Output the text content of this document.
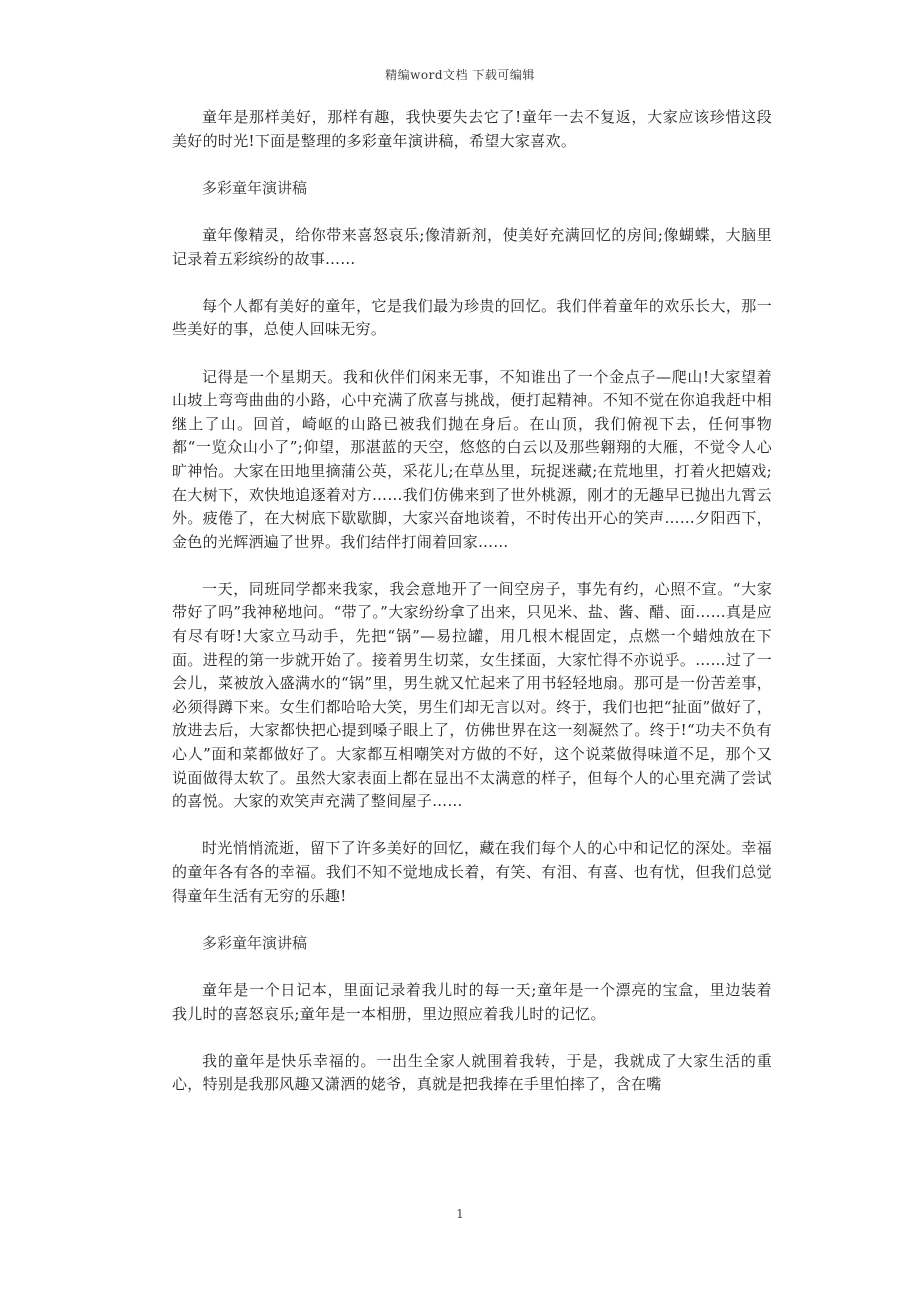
精编word文档 下载可编辑

童年是那样美好，那样有趣，我快要失去它了!童年一去不复返，大家应该珍惜这段美好的时光!下面是整理的多彩童年演讲稿，希望大家喜欢。

多彩童年演讲稿

童年像精灵，给你带来喜怒哀乐;像清新剂，使美好充满回忆的房间;像蝴蝶，大脑里记录着五彩缤纷的故事……

每个人都有美好的童年，它是我们最为珍贵的回忆。我们伴着童年的欢乐长大，那一些美好的事，总使人回味无穷。

记得是一个星期天。我和伙伴们闲来无事，不知谁出了一个金点子—爬山!大家望着山坡上弯弯曲曲的小路，心中充满了欣喜与挑战，便打起精神。不知不觉在你追我赶中相继上了山。回首，崎岖的山路已被我们抛在身后。在山顶，我们俯视下去，任何事物都“一览众山小了”;仰望，那湛蓝的天空，悠悠的白云以及那些翱翔的大雁，不觉令人心旷神怡。大家在田地里摘蒲公英，采花儿;在草丛里，玩捉迷藏;在荒地里，打着火把嬉戏;在大树下，欢快地追逐着对方……我们仿佛来到了世外桃源，刚才的无趣早已抛出九霄云外。疲倦了，在大树底下歇歇脚，大家兴奋地谈着，不时传出开心的笑声……夕阳西下，金色的光辉洒遍了世界。我们结伴打闹着回家……

一天，同班同学都来我家，我会意地开了一间空房子，事先有约，心照不宣。“大家带好了吗”我神秘地问。“带了。”大家纷纷拿了出来，只见米、盐、酱、醋、面……真是应有尽有呀!大家立马动手，先把“锅”—易拉罐，用几根木棍固定，点燃一个蜡烛放在下面。进程的第一步就开始了。接着男生切菜，女生揉面，大家忙得不亦说乎。……过了一会儿，菜被放入盛满水的“锅”里，男生就又忙起来了用书轻轻地扇。那可是一份苦差事，必须得蹲下来。女生们都哈哈大笑，男生们却无言以对。终于，我们也把“扯面”做好了，放进去后，大家都快把心提到嗓子眼上了，仿佛世界在这一刻凝然了。终于!“功夫不负有心人”面和菜都做好了。大家都互相嘲笑对方做的不好，这个说菜做得味道不足，那个又说面做得太软了。虽然大家表面上都在显出不太满意的样子，但每个人的心里充满了尝试的喜悦。大家的欢笑声充满了整间屋子……

时光悄悄流逝，留下了许多美好的回忆，藏在我们每个人的心中和记忆的深处。幸福的童年各有各的幸福。我们不知不觉地成长着，有笑、有泪、有喜、也有忧，但我们总觉得童年生活有无穷的乐趣!

多彩童年演讲稿

童年是一个日记本，里面记录着我儿时的每一天;童年是一个漂亮的宝盒，里边装着我儿时的喜怒哀乐;童年是一本相册，里边照应着我儿时的记忆。

我的童年是快乐幸福的。一出生全家人就围着我转，于是，我就成了大家生活的重心，特别是我那风趣又潇洒的姥爷，真就是把我捧在手里怕摔了，含在嘴

1
